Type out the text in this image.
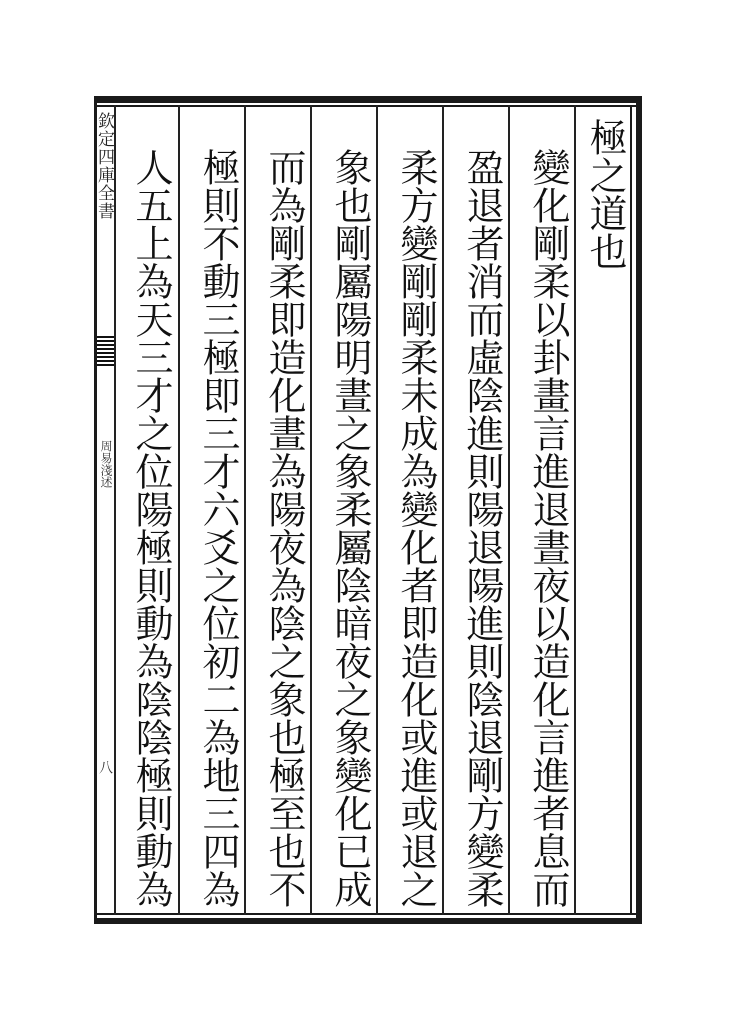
欽定四庫全書
周易淺述
八
極之道也
變化剛柔以卦畫言進退晝夜以造化言進者息而
盈退者消而虛陰進則陽退陽進則陰退剛方變柔
柔方變剛剛柔未成為變化者即造化或進或退之
象也剛屬陽明晝之象柔屬陰暗夜之象變化已成
而為剛柔即造化晝為陽夜為陰之象也極至也不
極則不動三極即三才六爻之位初二為地三四為
人五上為天三才之位陽極則動為陰陰極則動為
